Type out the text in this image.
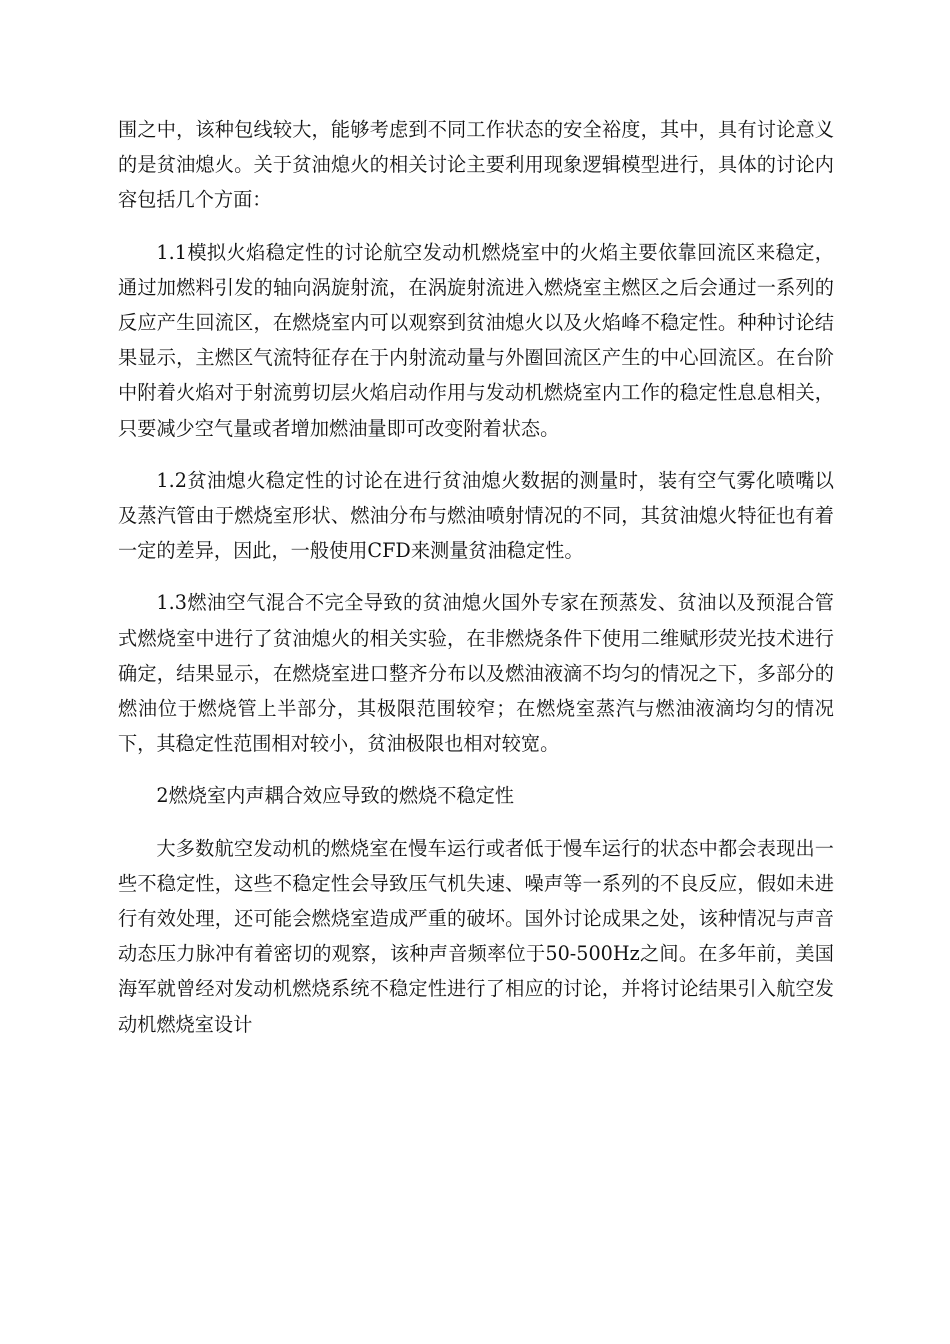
围之中，该种包线较大，能够考虑到不同工作状态的安全裕度，其中，具有讨论意义的是贫油熄火。关于贫油熄火的相关讨论主要利用现象逻辑模型进行，具体的讨论内容包括几个方面：

1.1模拟火焰稳定性的讨论航空发动机燃烧室中的火焰主要依靠回流区来稳定，通过加燃料引发的轴向涡旋射流，在涡旋射流进入燃烧室主燃区之后会通过一系列的反应产生回流区，在燃烧室内可以观察到贫油熄火以及火焰峰不稳定性。种种讨论结果显示，主燃区气流特征存在于内射流动量与外圈回流区产生的中心回流区。在台阶中附着火焰对于射流剪切层火焰启动作用与发动机燃烧室内工作的稳定性息息相关，只要减少空气量或者增加燃油量即可改变附着状态。

1.2贫油熄火稳定性的讨论在进行贫油熄火数据的测量时，装有空气雾化喷嘴以及蒸汽管由于燃烧室形状、燃油分布与燃油喷射情况的不同，其贫油熄火特征也有着一定的差异，因此，一般使用CFD来测量贫油稳定性。

1.3燃油空气混合不完全导致的贫油熄火国外专家在预蒸发、贫油以及预混合管式燃烧室中进行了贫油熄火的相关实验，在非燃烧条件下使用二维赋形荧光技术进行确定，结果显示，在燃烧室进口整齐分布以及燃油液滴不均匀的情况之下，多部分的燃油位于燃烧管上半部分，其极限范围较窄；在燃烧室蒸汽与燃油液滴均匀的情况下，其稳定性范围相对较小，贫油极限也相对较宽。

2燃烧室内声耦合效应导致的燃烧不稳定性

大多数航空发动机的燃烧室在慢车运行或者低于慢车运行的状态中都会表现出一些不稳定性，这些不稳定性会导致压气机失速、噪声等一系列的不良反应，假如未进行有效处理，还可能会燃烧室造成严重的破坏。国外讨论成果之处，该种情况与声音动态压力脉冲有着密切的观察，该种声音频率位于50-500Hz之间。在多年前，美国海军就曾经对发动机燃烧系统不稳定性进行了相应的讨论，并将讨论结果引入航空发动机燃烧室设计
